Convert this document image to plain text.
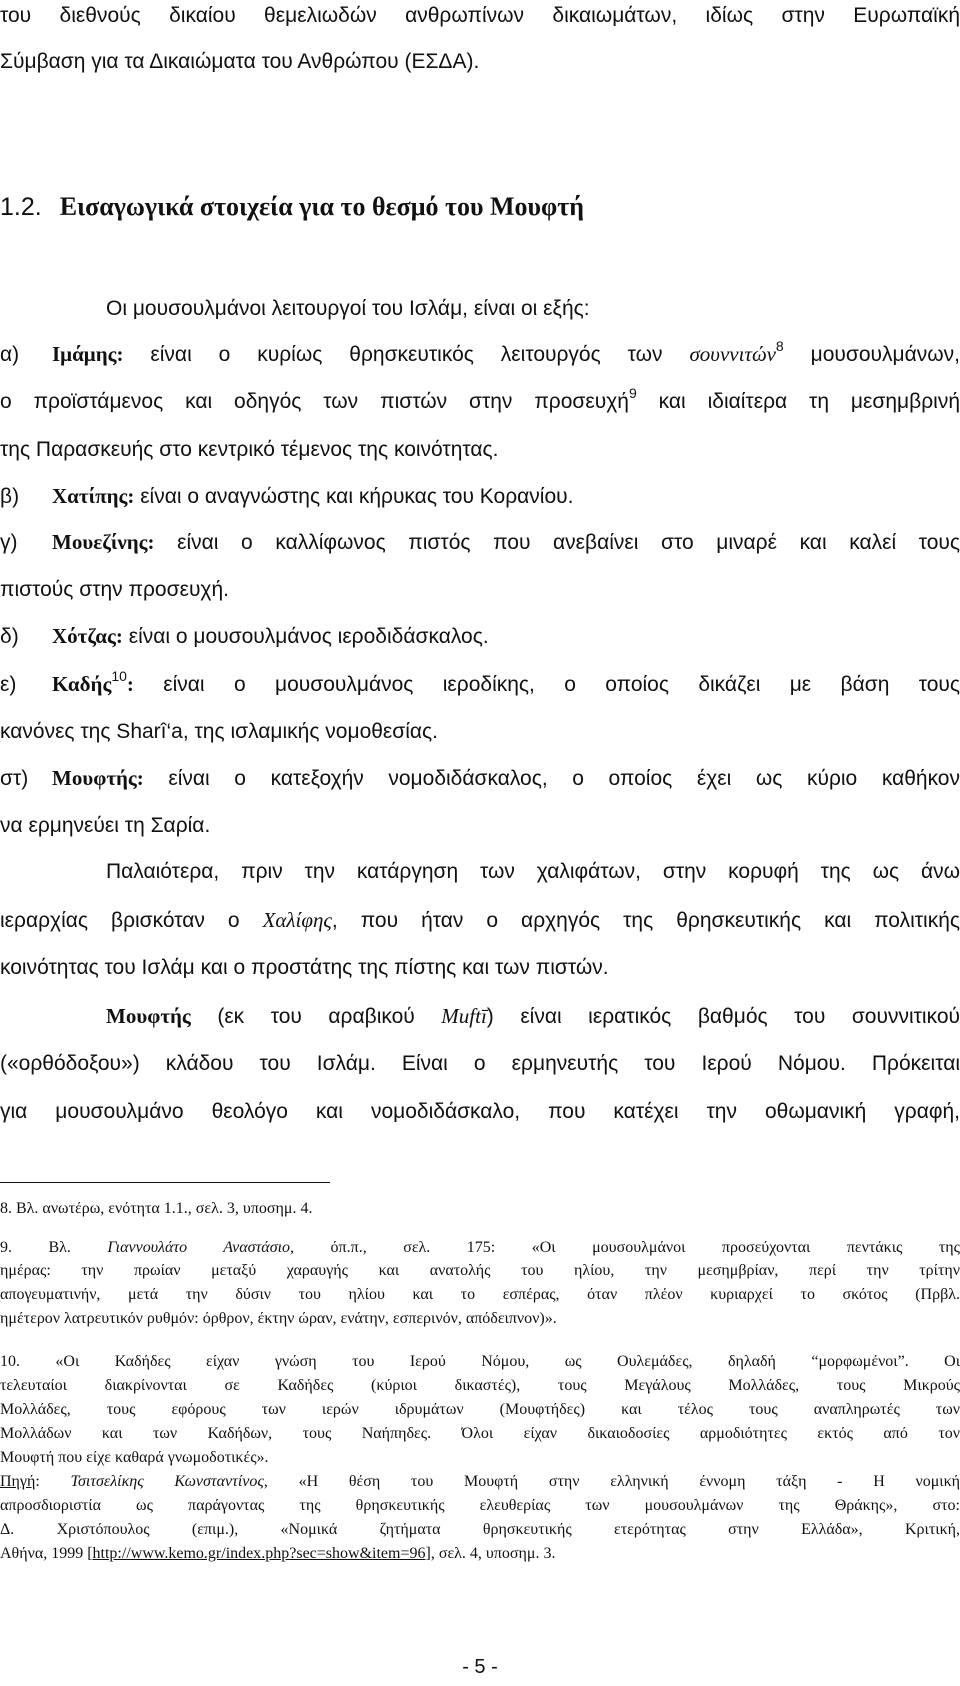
του διεθνούς δικαίου θεμελιωδών ανθρωπίνων δικαιωμάτων, ιδίως στην Ευρωπαϊκή
Σύμβαση για τα Δικαιώματα του Ανθρώπου (ΕΣΔΑ).
1.2. Εισαγωγικά στοιχεία για το θεσμό του Μουφτή
Οι μουσουλμάνοι λειτουργοί του Ισλάμ, είναι οι εξής:
α) Ιμάμης: είναι ο κυρίως θρησκευτικός λειτουργός των σουννιτών$^8$ μουσουλμάνων,
ο προϊστάμενος και οδηγός των πιστών στην προσευχή$^9$ και ιδιαίτερα τη μεσημβρινή
της Παρασκευής στο κεντρικό τέμενος της κοινότητας.
β) Χατίπης: είναι ο αναγνώστης και κήρυκας του Κορανίου.
γ) Μουεζίνης: είναι ο καλλίφωνος πιστός που ανεβαίνει στο μιναρέ και καλεί τους
πιστούς στην προσευχή.
δ) Χότζας: είναι ο μουσουλμάνος ιεροδιδάσκαλος.
ε) Καδής$^{10}$: είναι ο μουσουλμάνος ιεροδίκης, ο οποίος δικάζει με βάση τους
κανόνες της Sharî‘a, της ισλαμικής νομοθεσίας.
στ) Μουφτής: είναι ο κατεξοχήν νομοδιδάσκαλος, ο οποίος έχει ως κύριο καθήκον
να ερμηνεύει τη Σαρία.
Παλαιότερα, πριν την κατάργηση των χαλιφάτων, στην κορυφή της ως άνω
ιεραρχίας βρισκόταν ο Χαλίφης, που ήταν ο αρχηγός της θρησκευτικής και πολιτικής
κοινότητας του Ισλάμ και ο προστάτης της πίστης και των πιστών.
Μουφτής (εκ του αραβικού Muftī) είναι ιερατικός βαθμός του σουννιτικού
(«ορθόδοξου») κλάδου του Ισλάμ. Είναι ο ερμηνευτής του Ιερού Νόμου. Πρόκειται
για μουσουλμάνο θεολόγο και νομοδιδάσκαλο, που κατέχει την οθωμανική γραφή,
8. Βλ. ανωτέρω, ενότητα 1.1., σελ. 3, υποσημ. 4.
9. Βλ. Γιαννουλάτο Αναστάσιο, όπ.π., σελ. 175: «Οι μουσουλμάνοι προσεύχονται πεντάκις της
ημέρας: την πρωίαν μεταξύ χαραυγής και ανατολής του ηλίου, την μεσημβρίαν, περί την τρίτην
απογευματινήν, μετά την δύσιν του ηλίου και το εσπέρας, όταν πλέον κυριαρχεί το σκότος (Πρβλ.
ημέτερον λατρευτικόν ρυθμόν: όρθρον, έκτην ώραν, ενάτην, εσπερινόν, απόδειπνον)».
10. «Οι Καδήδες είχαν γνώση του Ιερού Νόμου, ως Ουλεμάδες, δηλαδή “μορφωμένοι”. Οι
τελευταίοι διακρίνονται σε Καδήδες (κύριοι δικαστές), τους Μεγάλους Μολλάδες, τους Μικρούς
Μολλάδες, τους εφόρους των ιερών ιδρυμάτων (Μουφτήδες) και τέλος τους αναπληρωτές των
Μολλάδων και των Καδήδων, τους Ναήπηδες. Όλοι είχαν δικαιοδοσίες αρμοδιότητες εκτός από τον
Μουφτή που είχε καθαρά γνωμοδοτικές».
Πηγή: Τσιτσελίκης Κωνσταντίνος, «Η θέση του Μουφτή στην ελληνική έννομη τάξη - Η νομική
απροσδιοριστία ως παράγοντας της θρησκευτικής ελευθερίας των μουσουλμάνων της Θράκης», στο:
Δ. Χριστόπουλος (επιμ.), «Νομικά ζητήματα θρησκευτικής ετερότητας στην Ελλάδα», Κριτική,
Αθήνα, 1999 [http://www.kemo.gr/index.php?sec=show&item=96], σελ. 4, υποσημ. 3.
- 5 -
